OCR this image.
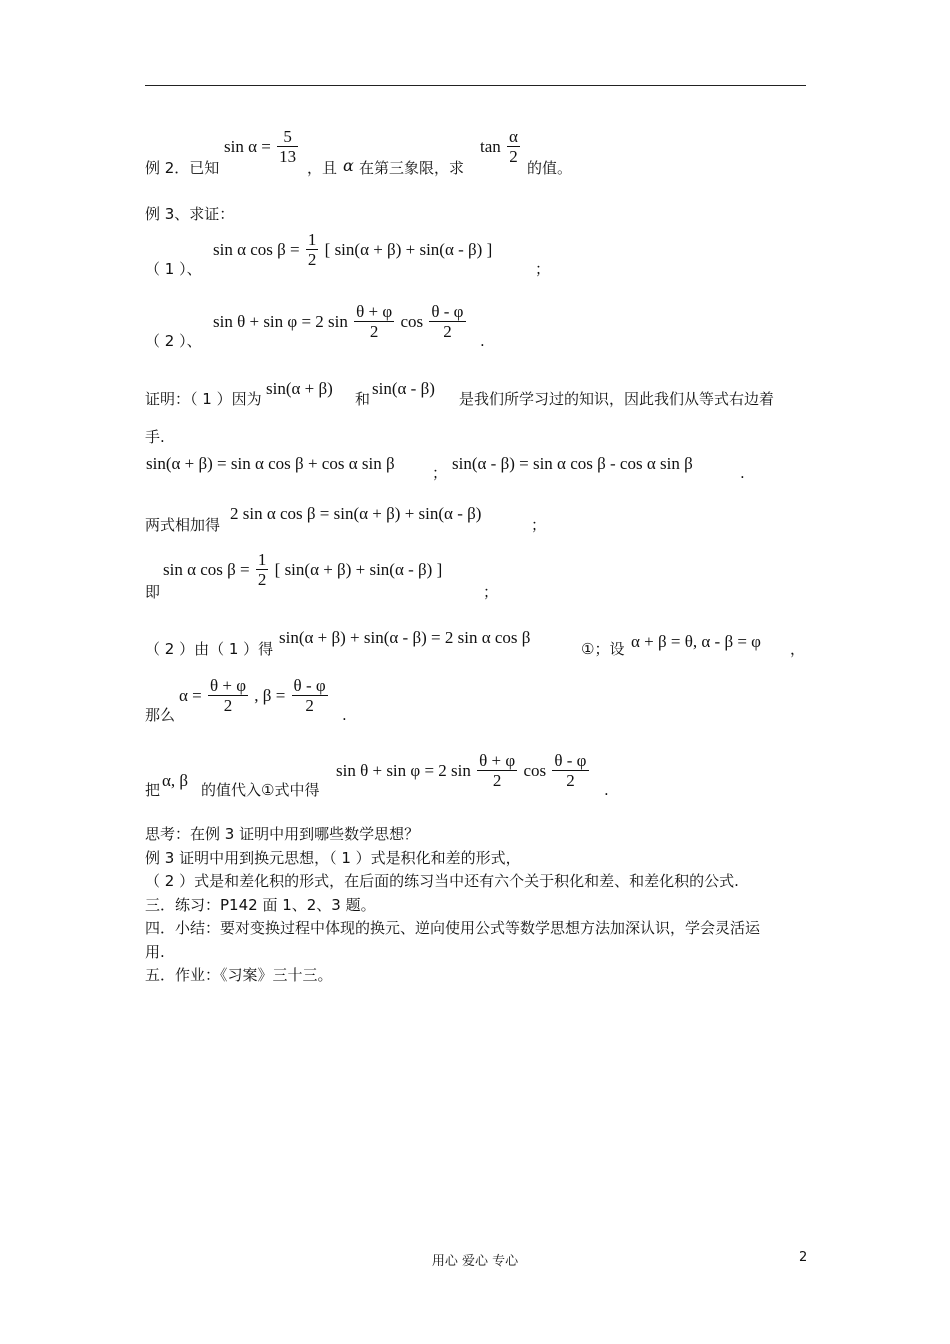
例 2．已知
$\sin \alpha = \frac{5}{13}$
，且 α 在第三象限，求
$\tan \frac{\alpha}{2}$
的值。
例 3、求证：
（ 1 ）、
sin α $\cos \beta = \frac{1}{2}$ [ sin(α + β) + sin(α - β) ]
；
（ 2 ）、
sin θ + sin φ = 2 $\sin \frac{\theta + \varphi}{2}$ $\cos \frac{\theta - \varphi}{2}$ .
证明：（ 1 ）因为
sin(α + β)
和
sin(α - β)
是我们所学习过的知识，因此我们从等式右边着
手.
sin(α + β) = sin α cos β + cos α sin β ； sin(α - β) = sin α cos β - cos α sin β	.
两式相加得
2 sin α cos β = sin(α + β) + sin(α - β)
；
即
sin α $\cos \beta = \frac{1}{2}$ [ sin(α + β) + sin(α - β) ]
；
（ 2 ）由（ 1 ）得
sin(α + β) + sin(α - β) = 2 sin α cos β
①；设 α + β = θ, α - β = φ ，
那么
$\alpha = \frac{\theta + \varphi}{2}$ , $\beta = \frac{\theta - \varphi}{2}$ .
把 α, β 的值代入①式中得
sin θ + sin φ = 2 $\sin \frac{\theta + \varphi}{2}$ $\cos \frac{\theta - \varphi}{2}$ .
思考：在例 3 证明中用到哪些数学思想？
例 3 证明中用到换元思想，（ 1 ）式是积化和差的形式，
（ 2 ）式是和差化积的形式，在后面的练习当中还有六个关于积化和差、和差化积的公式.
三．练习：P142 面 1、2、3 题。
四．小结：要对变换过程中体现的换元、逆向使用公式等数学思想方法加深认识，学会灵活运
用.
五．作业：《习案》三十三。
用心 爱心 专心	2
